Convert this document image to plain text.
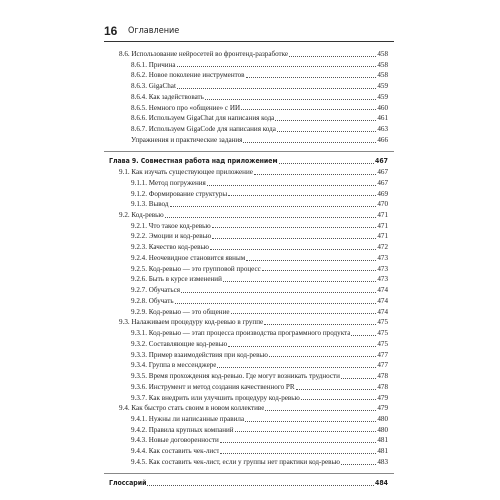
16 Оглавление
8.6. Использование нейросетей во фронтенд-разработке	458
8.6.1. Причина	458
8.6.2. Новое поколение инструментов	458
8.6.3. GigaChat	459
8.6.4. Как задействовать	459
8.6.5. Немного про «общение» с ИИ	460
8.6.6. Используем GigaChat для написания кода	461
8.6.7. Используем GigaCode для написания кода	463
Упражнения и практические задания	466
Глава 9. Совместная работа над приложением	467
9.1. Как изучать существующее приложение	467
9.1.1. Метод погружения	467
9.1.2. Формирование структуры	469
9.1.3. Вывод	470
9.2. Код-ревью	471
9.2.1. Что такое код-ревью	471
9.2.2. Эмоции и код-ревью	471
9.2.3. Качество код-ревью	472
9.2.4. Неочевидное становится явным	473
9.2.5. Код-ревью — это групповой процесс	473
9.2.6. Быть в курсе изменений	473
9.2.7. Обучаться	474
9.2.8. Обучать	474
9.2.9. Код-ревью — это общение	474
9.3. Налаживаем процедуру код-ревью в группе	475
9.3.1. Код-ревью — этап процесса производства программного продукта	475
9.3.2. Составляющие код-ревью	475
9.3.3. Пример взаимодействия при код-ревью	477
9.3.4. Группа в мессенджере	477
9.3.5. Время прохождения код-ревью. Где могут возникать трудности	478
9.3.6. Инструмент и метод создания качественного PR	478
9.3.7. Как внедрить или улучшить процедуру код-ревью	479
9.4. Как быстро стать своим в новом коллективе	479
9.4.1. Нужны ли написанные правила	480
9.4.2. Правила крупных компаний	480
9.4.3. Новые договоренности	481
9.4.4. Как составить чек-лист	481
9.4.5. Как составить чек-лист, если у группы нет практики код-ревью	483
Глоссарий	484
